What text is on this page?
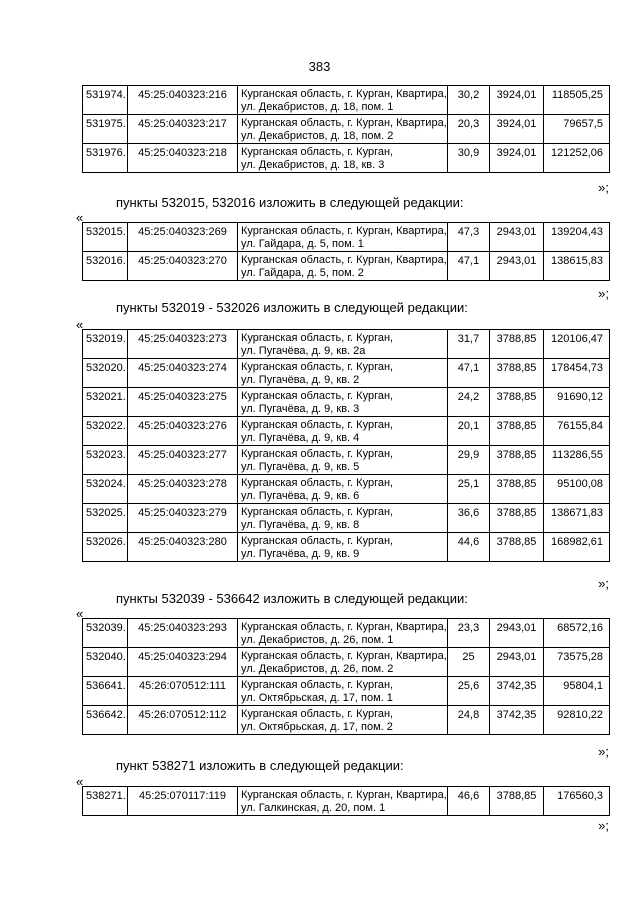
383
531974.	45:25:040323:216	Курганская область, г. Курган, Квартира,
ул. Декабристов, д. 18, пом. 1	30,2	3924,01	118505,25
531975.	45:25:040323:217	Курганская область, г. Курган, Квартира,
ул. Декабристов, д. 18, пом. 2	20,3	3924,01	79657,5
531976.	45:25:040323:218	Курганская область, г. Курган,
ул. Декабристов, д. 18, кв. 3	30,9	3924,01	121252,06
»;
пункты 532015, 532016 изложить в следующей редакции:
«
532015.	45:25:040323:269	Курганская область, г. Курган, Квартира,
ул. Гайдара, д. 5, пом. 1	47,3	2943,01	139204,43
532016.	45:25:040323:270	Курганская область, г. Курган, Квартира,
ул. Гайдара, д. 5, пом. 2	47,1	2943,01	138615,83
»;
пункты 532019 - 532026 изложить в следующей редакции:
«
532019.	45:25:040323:273	Курганская область, г. Курган,
ул. Пугачёва, д. 9, кв. 2а	31,7	3788,85	120106,47
532020.	45:25:040323:274	Курганская область, г. Курган,
ул. Пугачёва, д. 9, кв. 2	47,1	3788,85	178454,73
532021.	45:25:040323:275	Курганская область, г. Курган,
ул. Пугачёва, д. 9, кв. 3	24,2	3788,85	91690,12
532022.	45:25:040323:276	Курганская область, г. Курган,
ул. Пугачёва, д. 9, кв. 4	20,1	3788,85	76155,84
532023.	45:25:040323:277	Курганская область, г. Курган,
ул. Пугачёва, д. 9, кв. 5	29,9	3788,85	113286,55
532024.	45:25:040323:278	Курганская область, г. Курган,
ул. Пугачёва, д. 9, кв. 6	25,1	3788,85	95100,08
532025.	45:25:040323:279	Курганская область, г. Курган,
ул. Пугачёва, д. 9, кв. 8	36,6	3788,85	138671,83
532026.	45:25:040323:280	Курганская область, г. Курган,
ул. Пугачёва, д. 9, кв. 9	44,6	3788,85	168982,61
»;
пункты 532039 - 536642 изложить в следующей редакции:
«
532039.	45:25:040323:293	Курганская область, г. Курган, Квартира,
ул. Декабристов, д. 26, пом. 1	23,3	2943,01	68572,16
532040.	45:25:040323:294	Курганская область, г. Курган, Квартира,
ул. Декабристов, д. 26, пом. 2	25	2943,01	73575,28
536641.	45:26:070512:111	Курганская область, г. Курган,
ул. Октябрьская, д. 17, пом. 1	25,6	3742,35	95804,1
536642.	45:26:070512:112	Курганская область, г. Курган,
ул. Октябрьская, д. 17, пом. 2	24,8	3742,35	92810,22
»;
пункт 538271 изложить в следующей редакции:
«
538271.	45:25:070117:119	Курганская область, г. Курган, Квартира,
ул. Галкинская, д. 20, пом. 1
	46,6	3788,85	176560,3
»;
